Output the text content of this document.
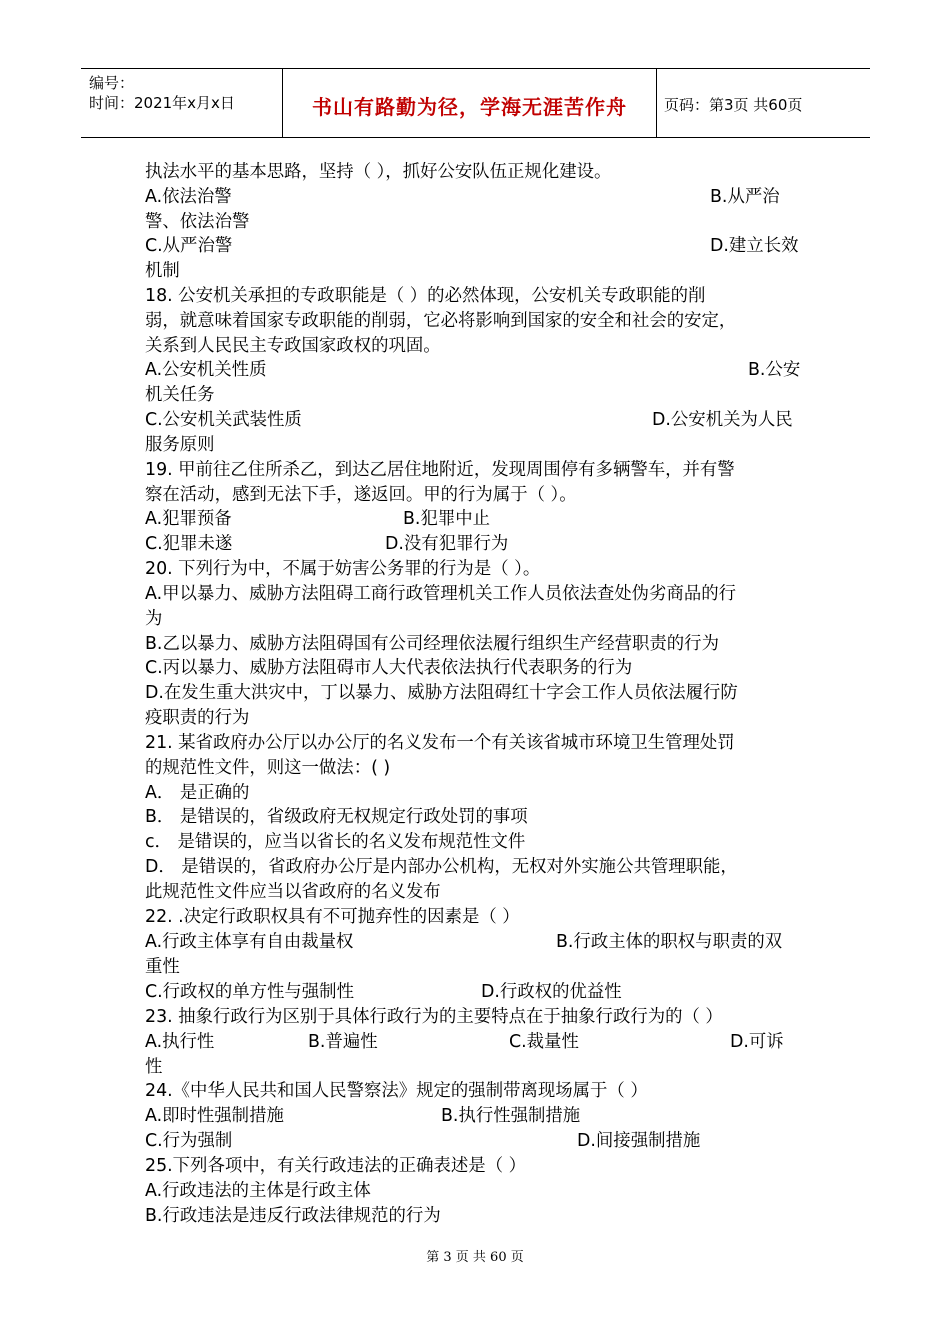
编号：
时间：2021年x月x日	书山有路勤为径，学海无涯苦作舟	页码：第3页 共60页
执法水平的基本思路，坚持（ ），抓好公安队伍正规化建设。
A.依法治警	B.从严治
警、依法治警
C.从严治警	D.建立长效
机制
18. 公安机关承担的专政职能是（ ）的必然体现，公安机关专政职能的削
弱，就意味着国家专政职能的削弱，它必将影响到国家的安全和社会的安定，
关系到人民民主专政国家政权的巩固。
A.公安机关性质	B.公安
机关任务
C.公安机关武装性质	D.公安机关为人民
服务原则
19. 甲前往乙住所杀乙，到达乙居住地附近，发现周围停有多辆警车，并有警
察在活动，感到无法下手，遂返回。甲的行为属于（ ）。
A.犯罪预备	B.犯罪中止
C.犯罪未遂	D.没有犯罪行为
20. 下列行为中，不属于妨害公务罪的行为是（ ）。
A.甲以暴力、威胁方法阻碍工商行政管理机关工作人员依法查处伪劣商品的行
为
B.乙以暴力、威胁方法阻碍国有公司经理依法履行组织生产经营职责的行为
C.丙以暴力、威胁方法阻碍市人大代表依法执行代表职务的行为
D.在发生重大洪灾中，丁以暴力、威胁方法阻碍红十字会工作人员依法履行防
疫职责的行为
21. 某省政府办公厅以办公厅的名义发布一个有关该省城市环境卫生管理处罚
的规范性文件，则这一做法：( )
A． 是正确的
B． 是错误的，省级政府无权规定行政处罚的事项
c． 是错误的，应当以省长的名义发布规范性文件
D． 是错误的，省政府办公厅是内部办公机构，无权对外实施公共管理职能，
此规范性文件应当以省政府的名义发布
22. .决定行政职权具有不可抛弃性的因素是（ ）
A.行政主体享有自由裁量权	B.行政主体的职权与职责的双
重性
C.行政权的单方性与强制性	D.行政权的优益性
23. 抽象行政行为区别于具体行政行为的主要特点在于抽象行政行为的（ ）
A.执行性	B.普遍性	C.裁量性	D.可诉
性
24.《中华人民共和国人民警察法》规定的强制带离现场属于（ ）
A.即时性强制措施	B.执行性强制措施
C.行为强制	D.间接强制措施
25.下列各项中，有关行政违法的正确表述是（ ）
A.行政违法的主体是行政主体
B.行政违法是违反行政法律规范的行为
第 3 页 共 60 页
